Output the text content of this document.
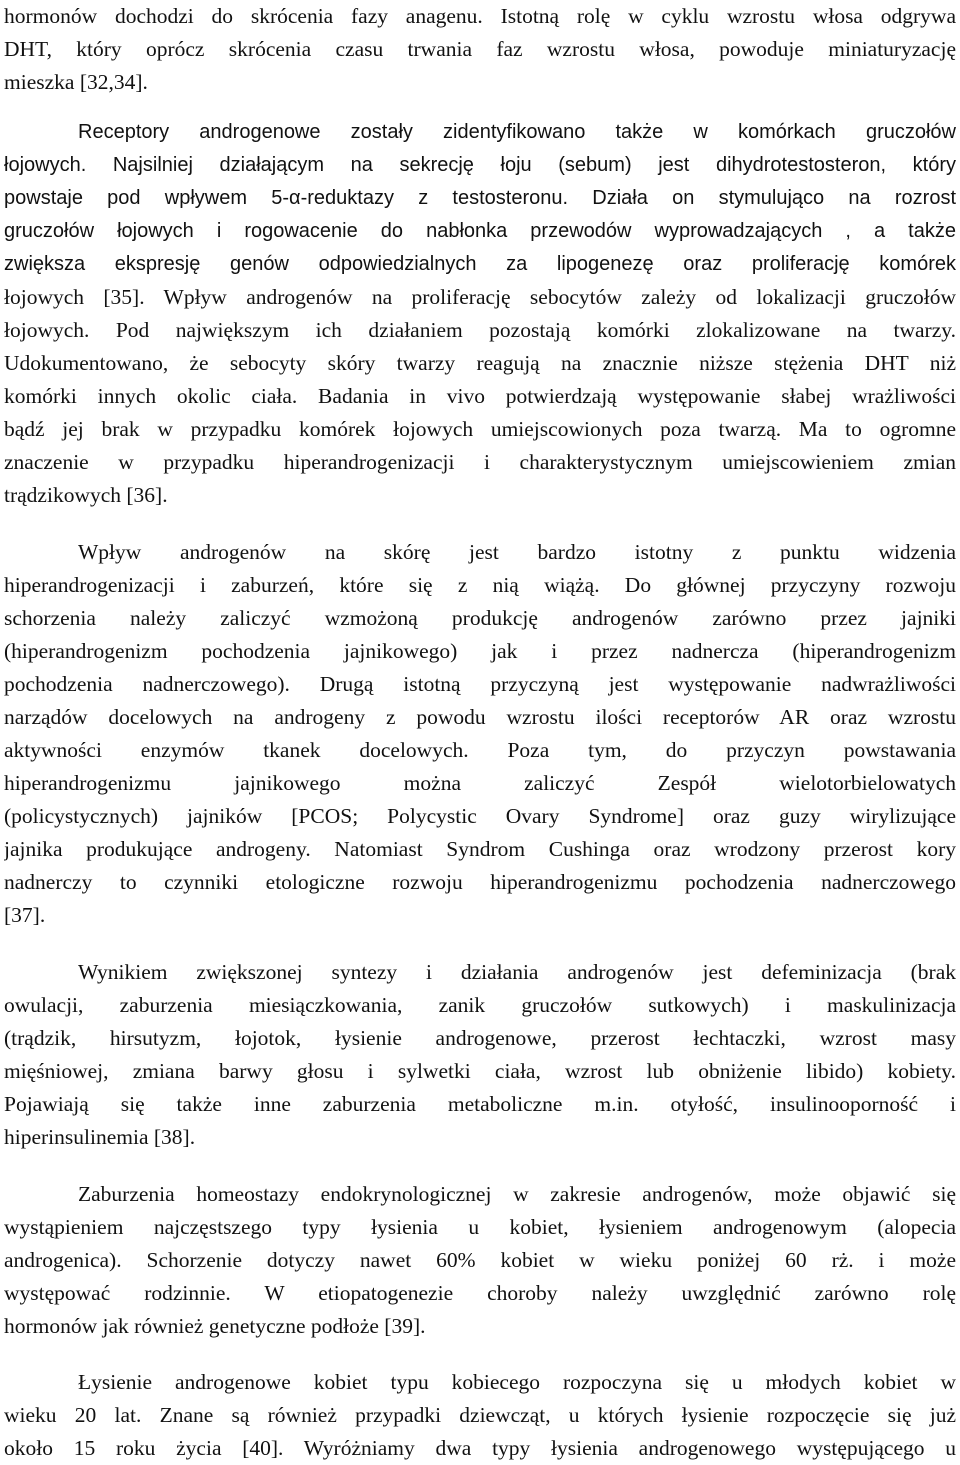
hormonów dochodzi do skrócenia fazy anagenu. Istotną rolę w cyklu wzrostu włosa odgrywa
DHT, który oprócz skrócenia czasu trwania faz wzrostu włosa, powoduje miniaturyzację
mieszka [32,34].
Receptory androgenowe zostały zidentyfikowano także w komórkach gruczołów
łojowych. Najsilniej działającym na sekrecję łoju (sebum) jest dihydrotestosteron, który
powstaje pod wpływem 5-α-reduktazy z testosteronu. Działa on stymulująco na rozrost
gruczołów łojowych i rogowacenie do nabłonka przewodów wyprowadzających , a także
zwiększa ekspresję genów odpowiedzialnych za lipogenezę oraz proliferację komórek
łojowych [35]. Wpływ androgenów na proliferację sebocytów zależy od lokalizacji gruczołów
łojowych. Pod największym ich działaniem pozostają komórki zlokalizowane na twarzy.
Udokumentowano, że sebocyty skóry twarzy reagują na znacznie niższe stężenia DHT niż
komórki innych okolic ciała. Badania in vivo potwierdzają występowanie słabej wrażliwości
bądź jej brak w przypadku komórek łojowych umiejscowionych poza twarzą. Ma to ogromne
znaczenie w przypadku hiperandrogenizacji i charakterystycznym umiejscowieniem zmian
trądzikowych [36].
Wpływ androgenów na skórę jest bardzo istotny z punktu widzenia
hiperandrogenizacji i zaburzeń, które się z nią wiążą. Do głównej przyczyny rozwoju
schorzenia należy zaliczyć wzmożoną produkcję androgenów zarówno przez jajniki
(hiperandrogenizm pochodzenia jajnikowego) jak i przez nadnercza (hiperandrogenizm
pochodzenia nadnerczowego). Drugą istotną przyczyną jest występowanie nadwrażliwości
narządów docelowych na androgeny z powodu wzrostu ilości receptorów AR oraz wzrostu
aktywności enzymów tkanek docelowych. Poza tym, do przyczyn powstawania
hiperandrogenizmu jajnikowego można zaliczyć Zespół wielotorbielowatych
(policystycznych) jajników [PCOS; Polycystic Ovary Syndrome] oraz guzy wirylizujące
jajnika produkujące androgeny. Natomiast Syndrom Cushinga oraz wrodzony przerost kory
nadnerczy to czynniki etologiczne rozwoju hiperandrogenizmu pochodzenia nadnerczowego
[37].
Wynikiem zwiększonej syntezy i działania androgenów jest defeminizacja (brak
owulacji, zaburzenia miesiączkowania, zanik gruczołów sutkowych) i maskulinizacja
(trądzik, hirsutyzm, łojotok, łysienie androgenowe, przerost łechtaczki, wzrost masy
mięśniowej, zmiana barwy głosu i sylwetki ciała, wzrost lub obniżenie libido) kobiety.
Pojawiają się także inne zaburzenia metaboliczne m.in. otyłość, insulinooporność i
hiperinsulinemia [38].
Zaburzenia homeostazy endokrynologicznej w zakresie androgenów, może objawić się
wystąpieniem najczęstszego typy łysienia u kobiet, łysieniem androgenowym (alopecia
androgenica). Schorzenie dotyczy nawet 60% kobiet w wieku poniżej 60 rż. i może
występować rodzinnie. W etiopatogenezie choroby należy uwzględnić zarówno rolę
hormonów jak również genetyczne podłoże [39].
Łysienie androgenowe kobiet typu kobiecego rozpoczyna się u młodych kobiet w
wieku 20 lat. Znane są również przypadki dziewcząt, u których łysienie rozpoczęcie się już
około 15 roku życia [40]. Wyróżniamy dwa typy łysienia androgenowego występującego u
